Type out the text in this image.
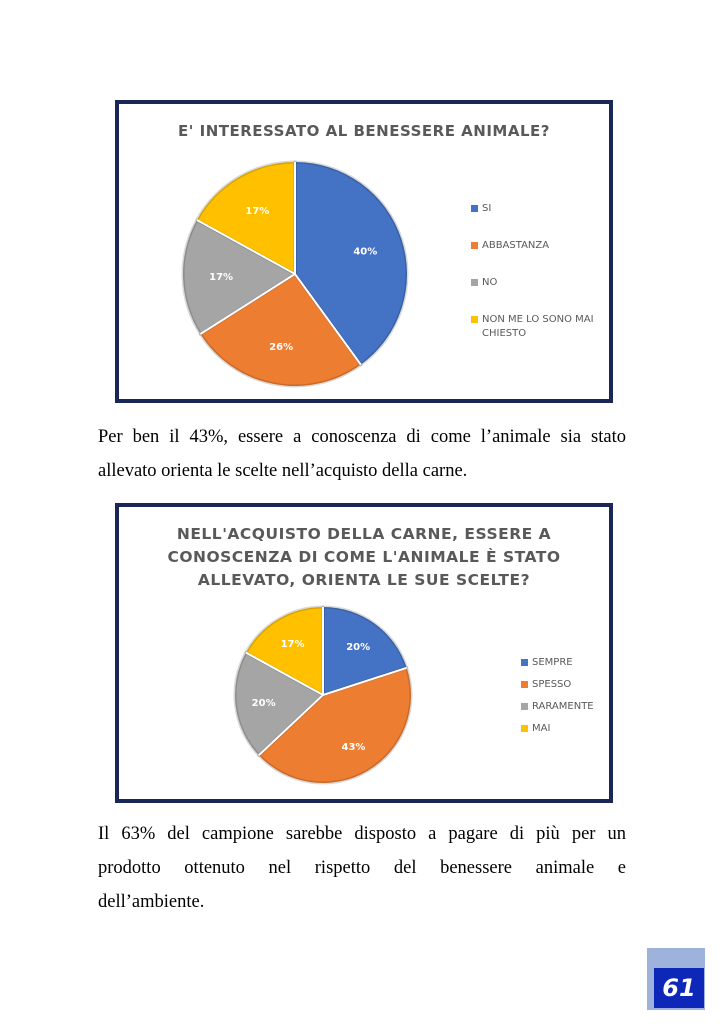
E' INTERESSATO AL BENESSERE ANIMALE?
40%
26%
17%
17%	SI
ABBASTANZA
NO
NON ME LO SONO MAI CHIESTO
Per ben il 43%, essere a conoscenza di come l’animale sia stato
allevato orienta le scelte nell’acquisto della carne.
NELL'ACQUISTO DELLA CARNE, ESSERE A
CONOSCENZA DI COME L'ANIMALE È STATO
ALLEVATO, ORIENTA LE SUE SCELTE?
20%
43%
20%
17%
SEMPRE
SPESSO
RARAMENTE
MAI
Il 63% del campione sarebbe disposto a pagare di più per un
prodotto ottenuto nel rispetto del benessere animale e
dell’ambiente.
61
